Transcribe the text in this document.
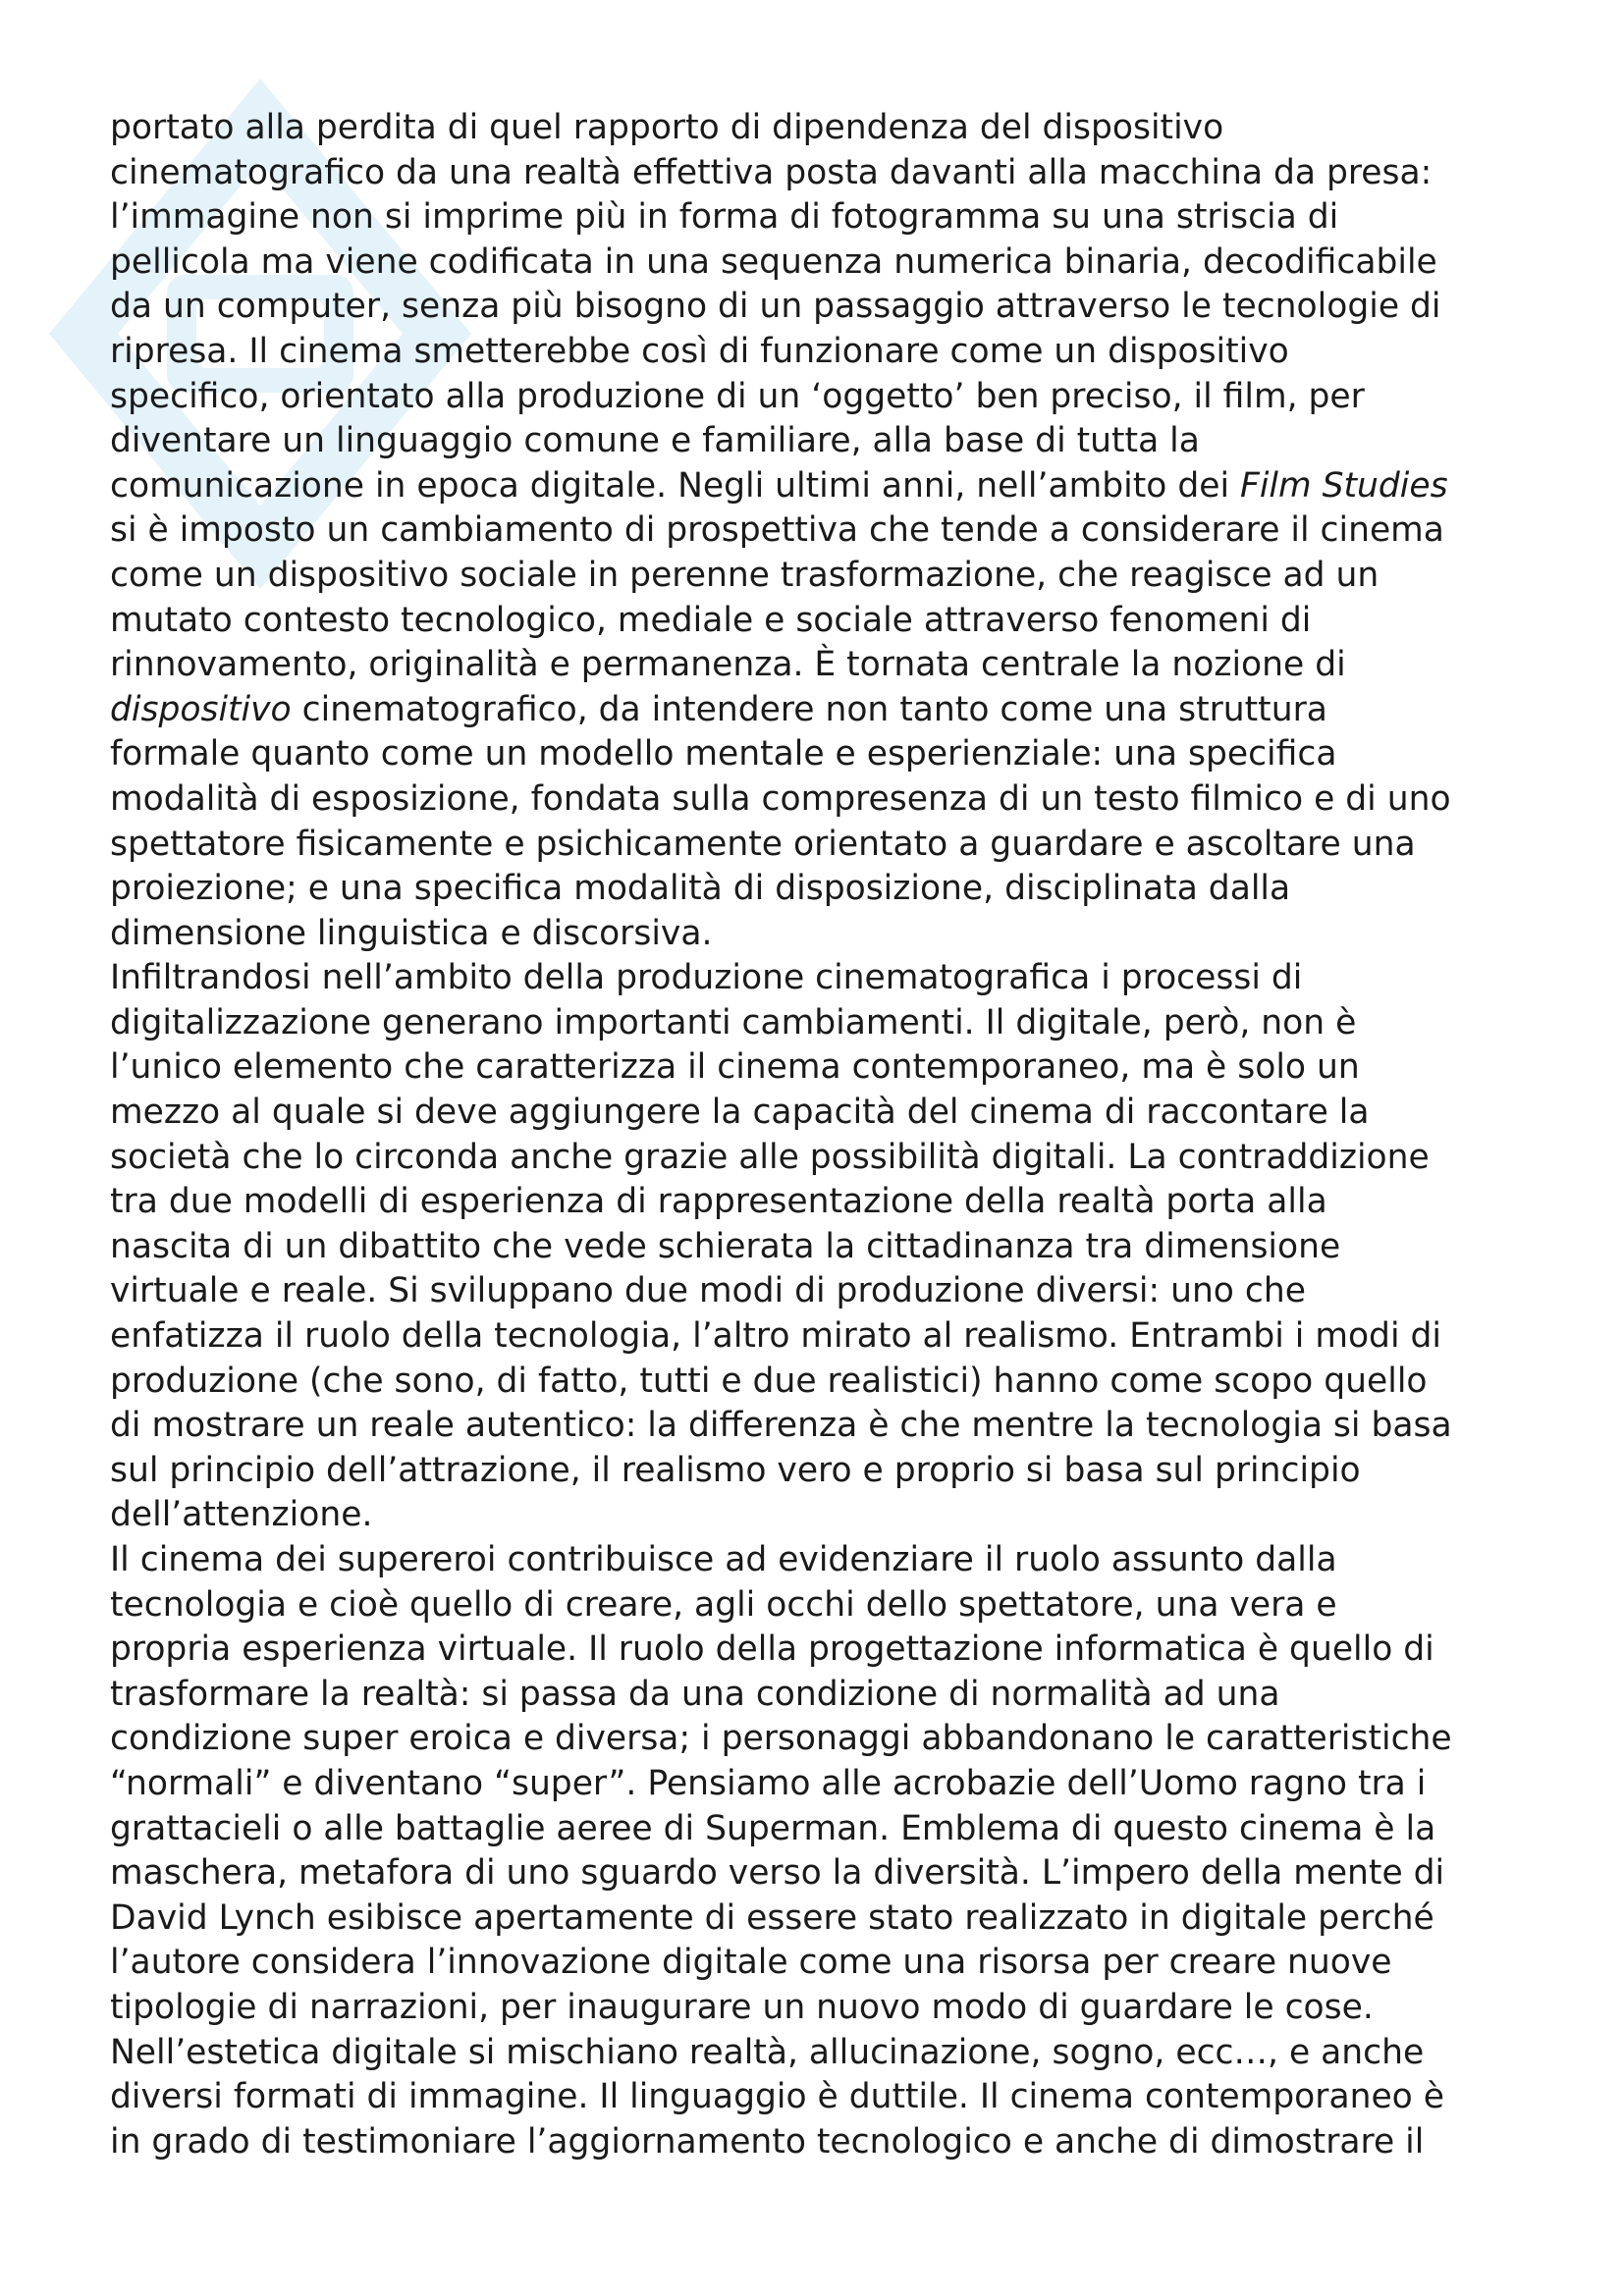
portato alla perdita di quel rapporto di dipendenza del dispositivo
cinematografico da una realtà effettiva posta davanti alla macchina da presa:
l’immagine non si imprime più in forma di fotogramma su una striscia di
pellicola ma viene codificata in una sequenza numerica binaria, decodificabile
da un computer, senza più bisogno di un passaggio attraverso le tecnologie di
ripresa. Il cinema smetterebbe così di funzionare come un dispositivo
specifico, orientato alla produzione di un ‘oggetto’ ben preciso, il film, per
diventare un linguaggio comune e familiare, alla base di tutta la
comunicazione in epoca digitale. Negli ultimi anni, nell’ambito dei Film Studies
si è imposto un cambiamento di prospettiva che tende a considerare il cinema
come un dispositivo sociale in perenne trasformazione, che reagisce ad un
mutato contesto tecnologico, mediale e sociale attraverso fenomeni di
rinnovamento, originalità e permanenza. È tornata centrale la nozione di
dispositivo cinematografico, da intendere non tanto come una struttura
formale quanto come un modello mentale e esperienziale: una specifica
modalità di esposizione, fondata sulla compresenza di un testo filmico e di uno
spettatore fisicamente e psichicamente orientato a guardare e ascoltare una
proiezione; e una specifica modalità di disposizione, disciplinata dalla
dimensione linguistica e discorsiva.
Infiltrandosi nell’ambito della produzione cinematografica i processi di
digitalizzazione generano importanti cambiamenti. Il digitale, però, non è
l’unico elemento che caratterizza il cinema contemporaneo, ma è solo un
mezzo al quale si deve aggiungere la capacità del cinema di raccontare la
società che lo circonda anche grazie alle possibilità digitali. La contraddizione
tra due modelli di esperienza di rappresentazione della realtà porta alla
nascita di un dibattito che vede schierata la cittadinanza tra dimensione
virtuale e reale. Si sviluppano due modi di produzione diversi: uno che
enfatizza il ruolo della tecnologia, l’altro mirato al realismo. Entrambi i modi di
produzione (che sono, di fatto, tutti e due realistici) hanno come scopo quello
di mostrare un reale autentico: la differenza è che mentre la tecnologia si basa
sul principio dell’attrazione, il realismo vero e proprio si basa sul principio
dell’attenzione.
Il cinema dei supereroi contribuisce ad evidenziare il ruolo assunto dalla
tecnologia e cioè quello di creare, agli occhi dello spettatore, una vera e
propria esperienza virtuale. Il ruolo della progettazione informatica è quello di
trasformare la realtà: si passa da una condizione di normalità ad una
condizione super eroica e diversa; i personaggi abbandonano le caratteristiche
“normali” e diventano “super”. Pensiamo alle acrobazie dell’Uomo ragno tra i
grattacieli o alle battaglie aeree di Superman. Emblema di questo cinema è la
maschera, metafora di uno sguardo verso la diversità. L’impero della mente di
David Lynch esibisce apertamente di essere stato realizzato in digitale perché
l’autore considera l’innovazione digitale come una risorsa per creare nuove
tipologie di narrazioni, per inaugurare un nuovo modo di guardare le cose.
Nell’estetica digitale si mischiano realtà, allucinazione, sogno, ecc…, e anche
diversi formati di immagine. Il linguaggio è duttile. Il cinema contemporaneo è
in grado di testimoniare l’aggiornamento tecnologico e anche di dimostrare il
